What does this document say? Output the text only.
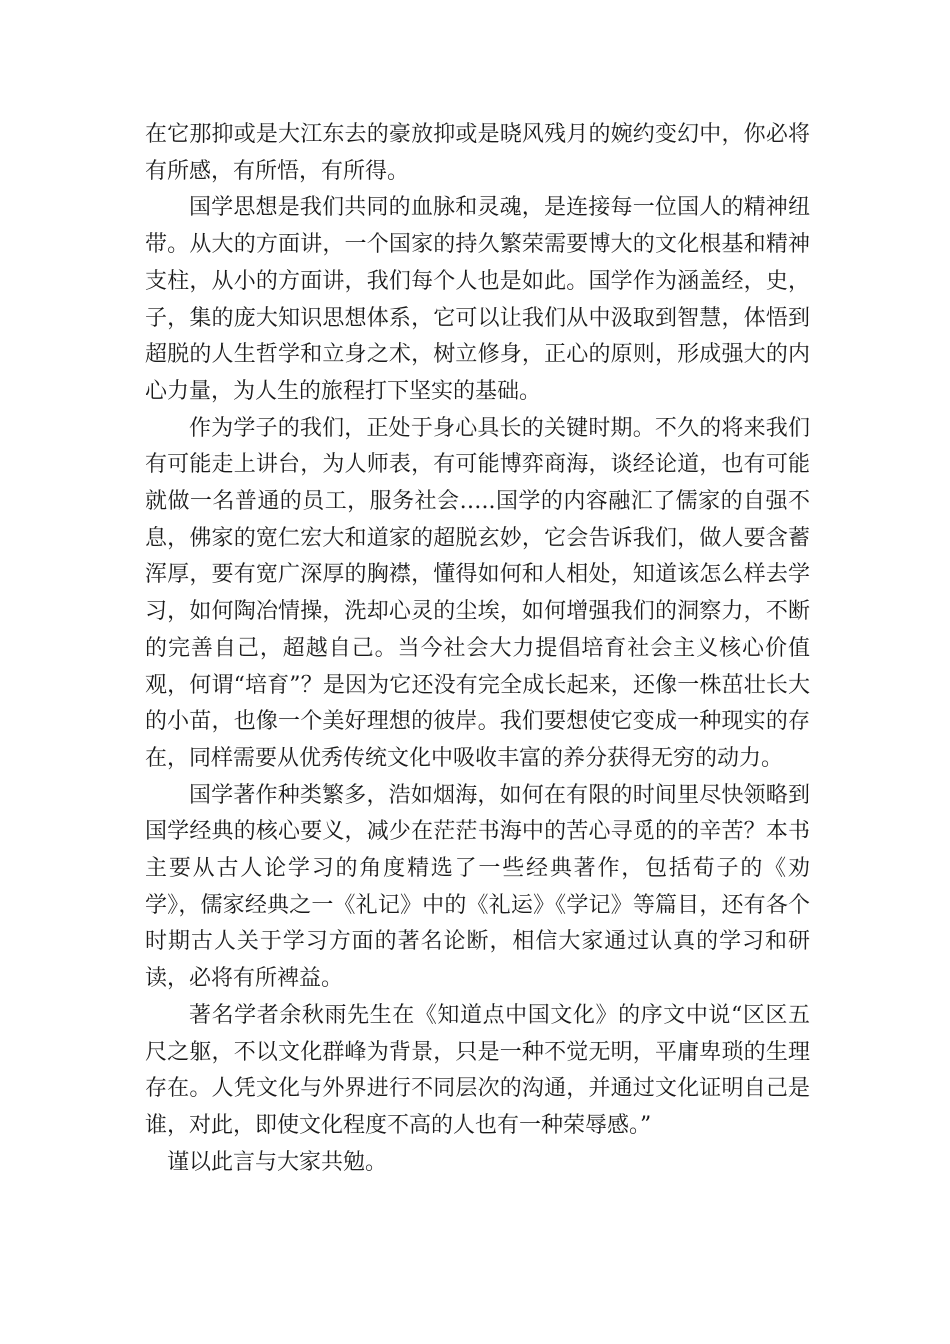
在它那抑或是大江东去的豪放抑或是晓风残月的婉约变幻中，你必将有所感，有所悟，有所得。

国学思想是我们共同的血脉和灵魂，是连接每一位国人的精神纽带。从大的方面讲，一个国家的持久繁荣需要博大的文化根基和精神支柱，从小的方面讲，我们每个人也是如此。国学作为涵盖经，史，子，集的庞大知识思想体系，它可以让我们从中汲取到智慧，体悟到超脱的人生哲学和立身之术，树立修身，正心的原则，形成强大的内心力量，为人生的旅程打下坚实的基础。

作为学子的我们，正处于身心具长的关键时期。不久的将来我们有可能走上讲台，为人师表，有可能博弈商海，谈经论道，也有可能就做一名普通的员工，服务社会…..国学的内容融汇了儒家的自强不息，佛家的宽仁宏大和道家的超脱玄妙，它会告诉我们，做人要含蓄浑厚，要有宽广深厚的胸襟，懂得如何和人相处，知道该怎么样去学习，如何陶冶情操，洗却心灵的尘埃，如何增强我们的洞察力，不断的完善自己，超越自己。当今社会大力提倡培育社会主义核心价值观，何谓“培育”？是因为它还没有完全成长起来，还像一株茁壮长大的小苗，也像一个美好理想的彼岸。我们要想使它变成一种现实的存在，同样需要从优秀传统文化中吸收丰富的养分获得无穷的动力。

国学著作种类繁多，浩如烟海，如何在有限的时间里尽快领略到国学经典的核心要义，减少在茫茫书海中的苦心寻觅的的辛苦？本书主要从古人论学习的角度精选了一些经典著作，包括荀子的《劝学》，儒家经典之一《礼记》中的《礼运》《学记》等篇目，还有各个时期古人关于学习方面的著名论断，相信大家通过认真的学习和研读，必将有所裨益。

著名学者余秋雨先生在《知道点中国文化》的序文中说“区区五尺之躯，不以文化群峰为背景，只是一种不觉无明，平庸卑琐的生理存在。人凭文化与外界进行不同层次的沟通，并通过文化证明自己是谁，对此，即使文化程度不高的人也有一种荣辱感。”

谨以此言与大家共勉。
